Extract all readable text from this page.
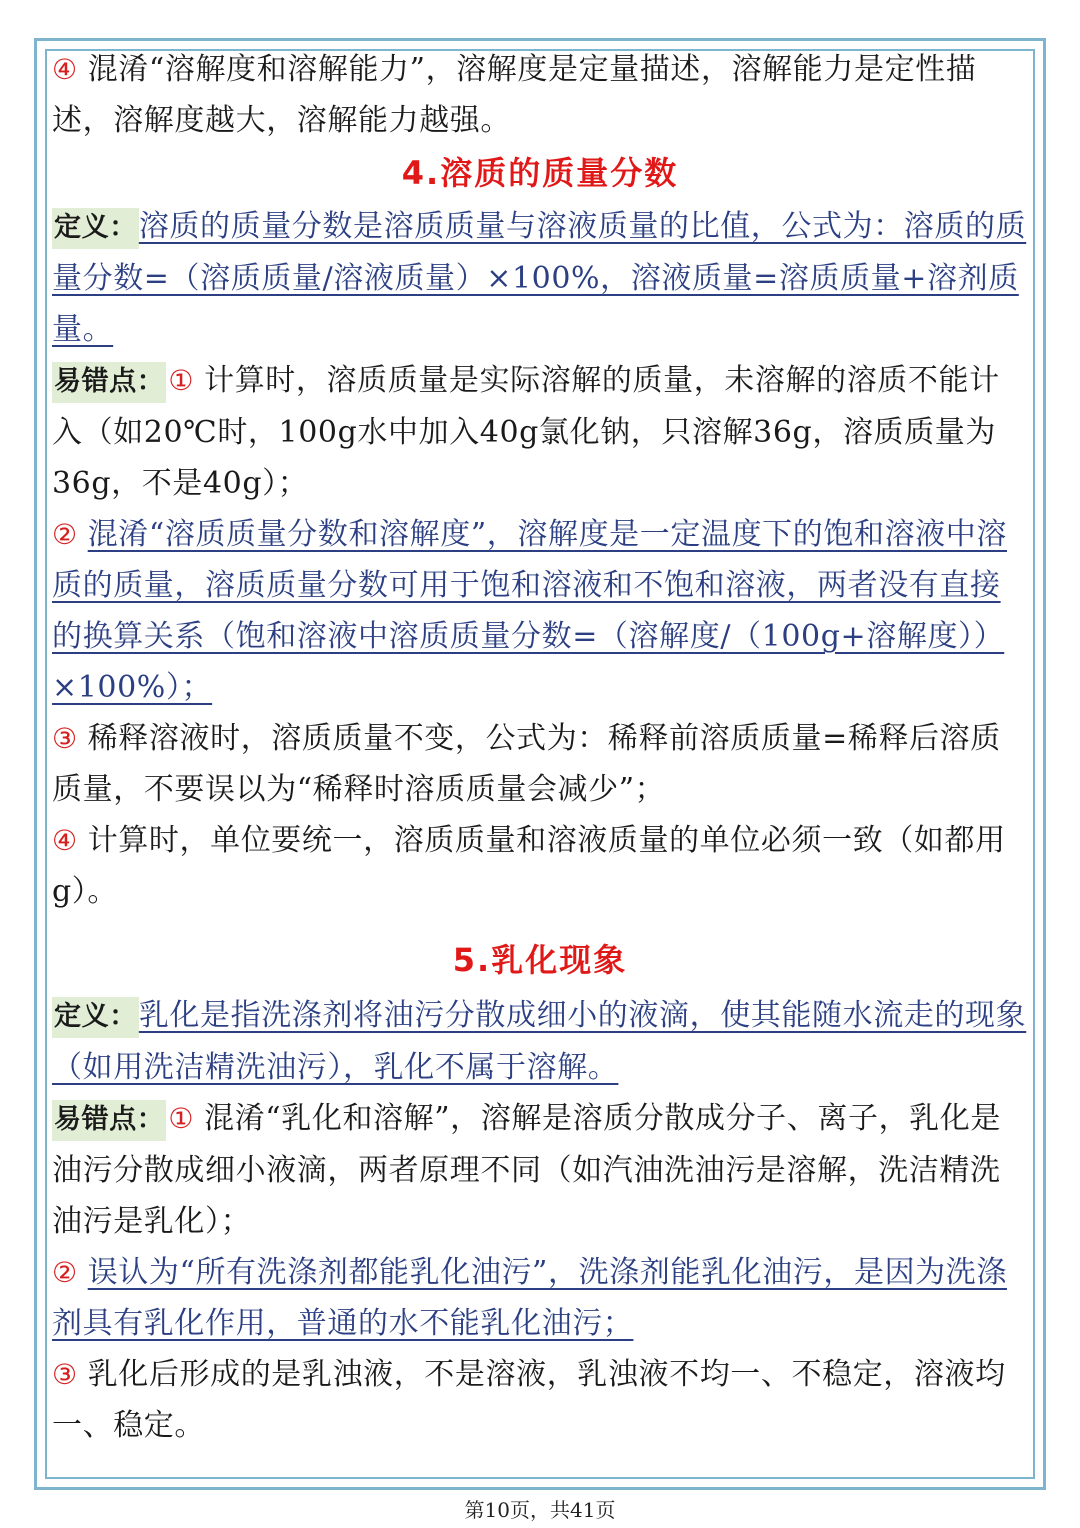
④ 混淆“溶解度和溶解能力”，溶解度是定量描述，溶解能力是定性描述，溶解度越大，溶解能力越强。

4.溶质的质量分数

定义：溶质的质量分数是溶质质量与溶液质量的比值，公式为：溶质的质量分数=（溶质质量/溶液质量）×100%，溶液质量=溶质质量+溶剂质量。

易错点： ① 计算时，溶质质量是实际溶解的质量，未溶解的溶质不能计入（如20℃时，100g水中加入40g氯化钠，只溶解36g，溶质质量为36g，不是40g）；

② 混淆“溶质质量分数和溶解度”，溶解度是一定温度下的饱和溶液中溶质的质量，溶质质量分数可用于饱和溶液和不饱和溶液，两者没有直接的换算关系（饱和溶液中溶质质量分数=（溶解度/（100g+溶解度））×100%）；

③ 稀释溶液时，溶质质量不变，公式为：稀释前溶质质量=稀释后溶质质量，不要误以为“稀释时溶质质量会减少”；

④ 计算时，单位要统一，溶质质量和溶液质量的单位必须一致（如都用g）。

5.乳化现象

定义：乳化是指洗涤剂将油污分散成细小的液滴，使其能随水流走的现象（如用洗洁精洗油污），乳化不属于溶解。

易错点： ① 混淆“乳化和溶解”，溶解是溶质分散成分子、离子，乳化是油污分散成细小液滴，两者原理不同（如汽油洗油污是溶解，洗洁精洗油污是乳化）；

② 误认为“所有洗涤剂都能乳化油污”，洗涤剂能乳化油污，是因为洗涤剂具有乳化作用，普通的水不能乳化油污；

③ 乳化后形成的是乳浊液，不是溶液，乳浊液不均一、不稳定，溶液均一、稳定。

第10页，共41页
